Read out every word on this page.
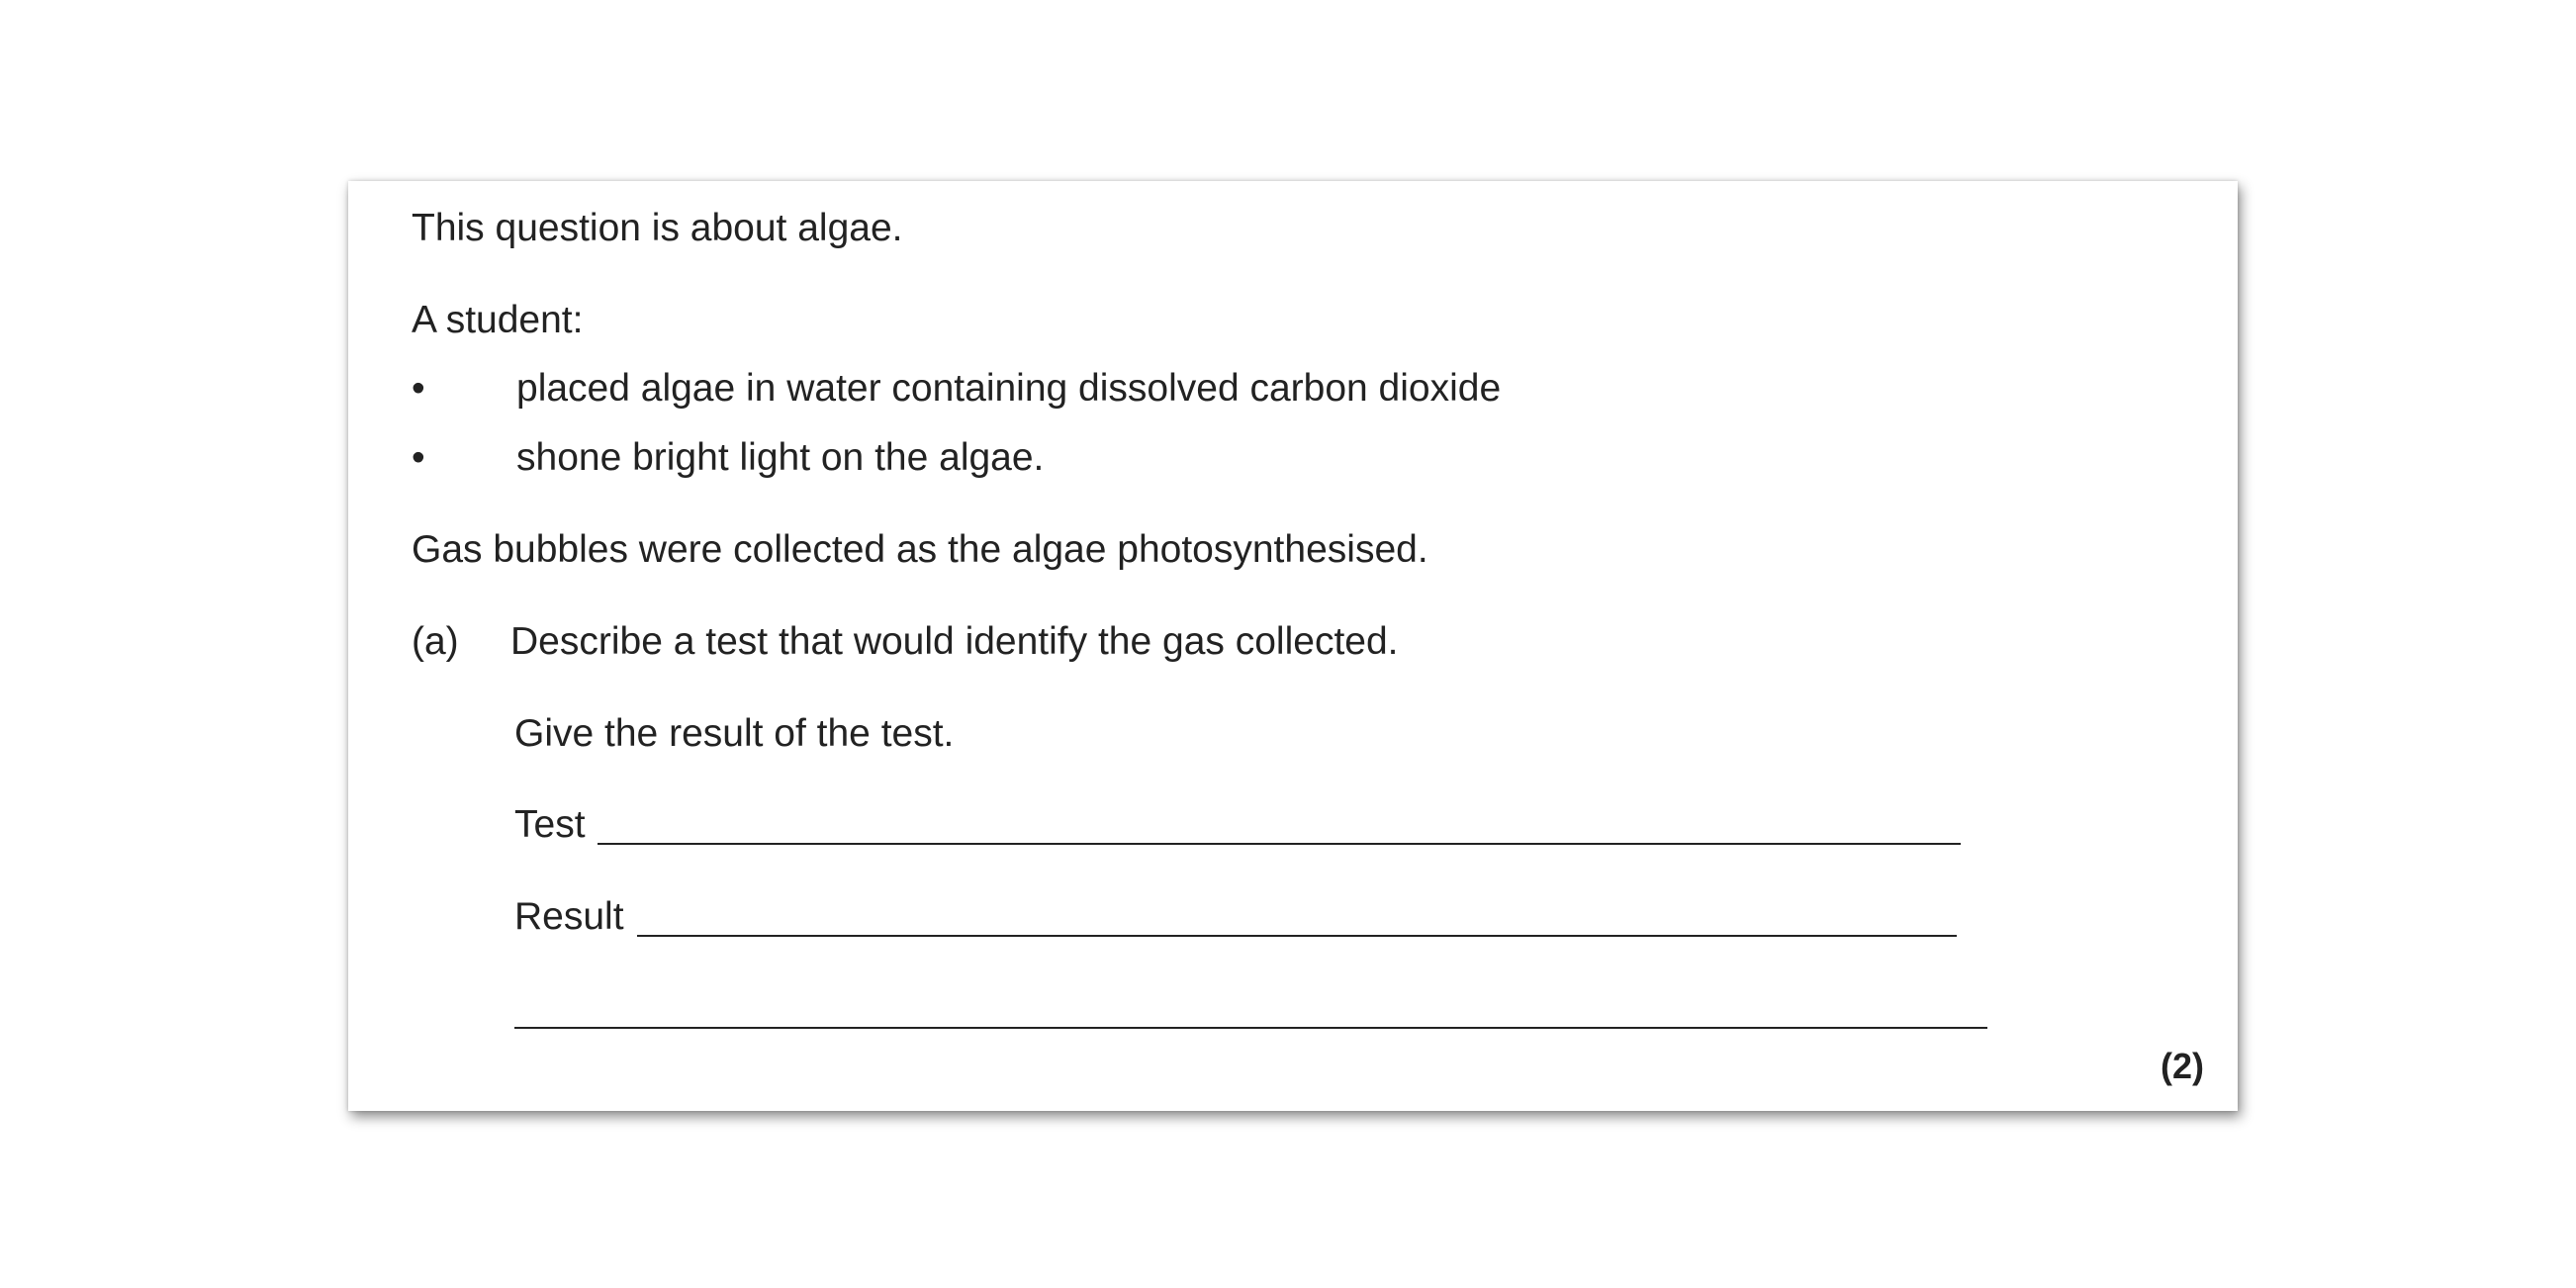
This question is about algae.
A student:
• placed algae in water containing dissolved carbon dioxide
• shone bright light on the algae.
Gas bubbles were collected as the algae photosynthesised.
(a) Describe a test that would identify the gas collected.
Give the result of the test.
Test
Result
(2)
